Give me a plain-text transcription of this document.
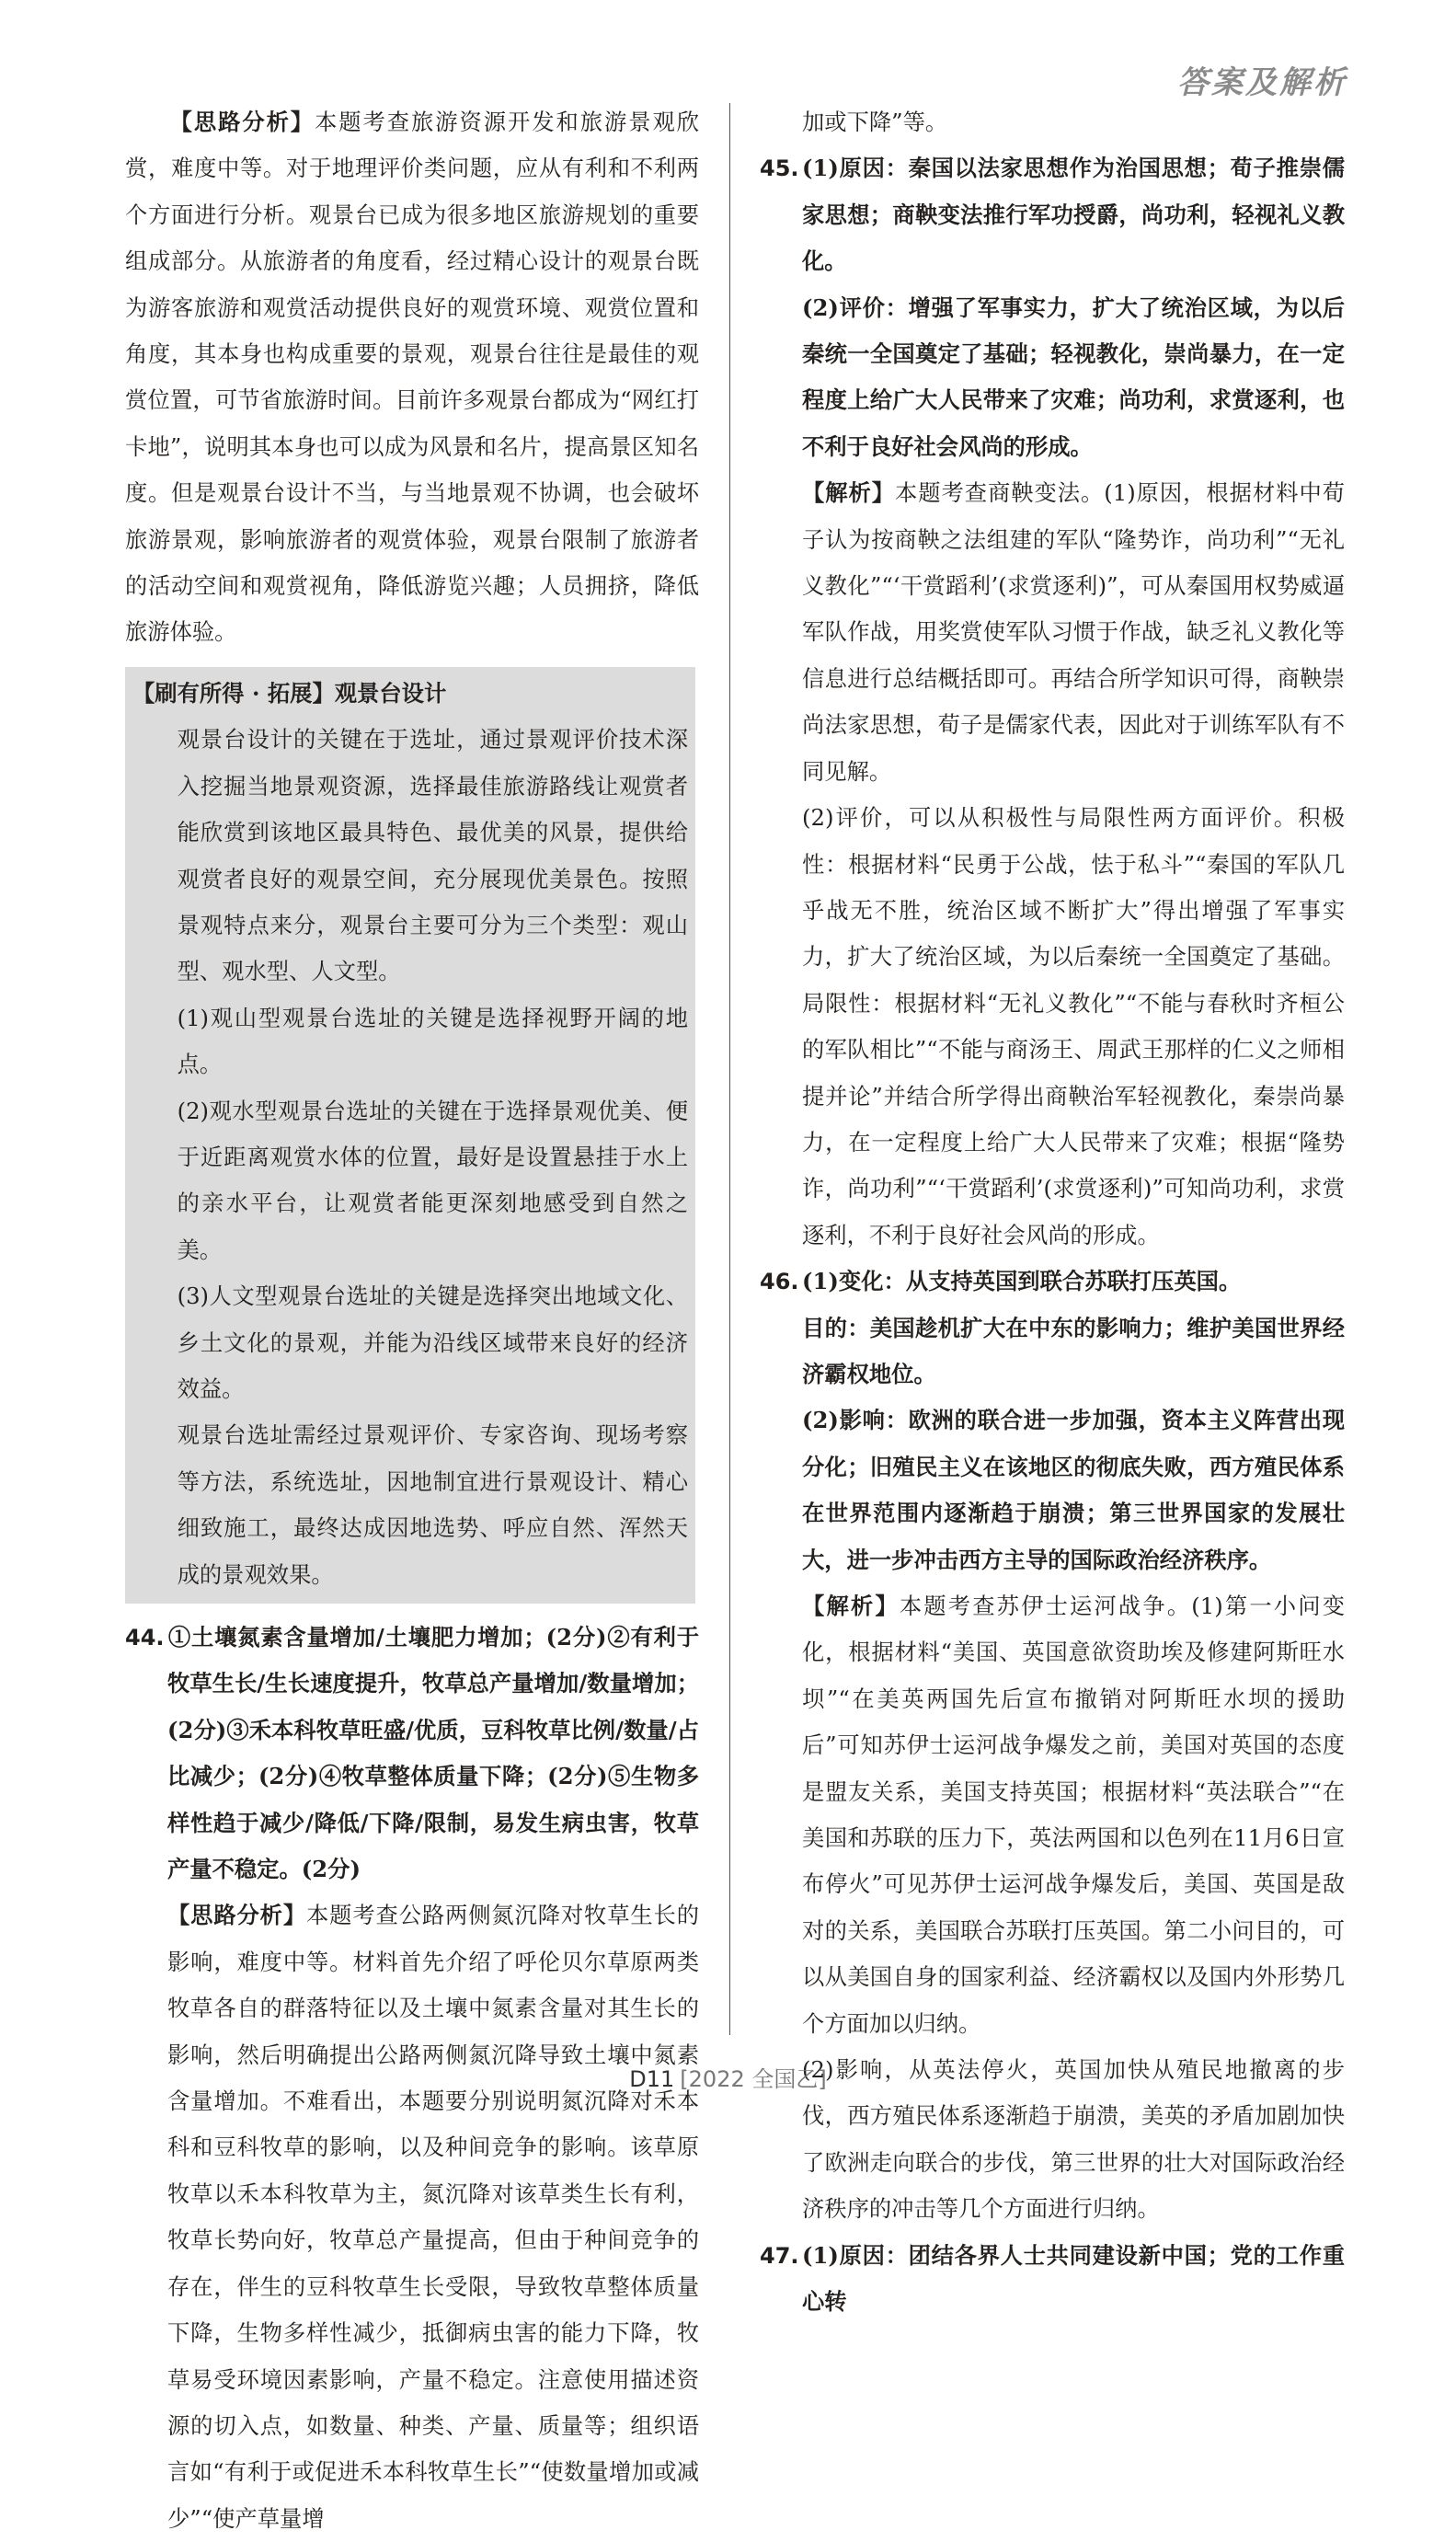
答案及解析

【思路分析】本题考查旅游资源开发和旅游景观欣赏，难度中等。对于地理评价类问题，应从有利和不利两个方面进行分析。观景台已成为很多地区旅游规划的重要组成部分。从旅游者的角度看，经过精心设计的观景台既为游客旅游和观赏活动提供良好的观赏环境、观赏位置和角度，其本身也构成重要的景观，观景台往往是最佳的观赏位置，可节省旅游时间。目前许多观景台都成为“网红打卡地”，说明其本身也可以成为风景和名片，提高景区知名度。但是观景台设计不当，与当地景观不协调，也会破坏旅游景观，影响旅游者的观赏体验，观景台限制了旅游者的活动空间和观赏视角，降低游览兴趣；人员拥挤，降低旅游体验。

【刷有所得 · 拓展】观景台设计

观景台设计的关键在于选址，通过景观评价技术深入挖掘当地景观资源，选择最佳旅游路线让观赏者能欣赏到该地区最具特色、最优美的风景，提供给观赏者良好的观景空间，充分展现优美景色。按照景观特点来分，观景台主要可分为三个类型：观山型、观水型、人文型。

(1)观山型观景台选址的关键是选择视野开阔的地点。

(2)观水型观景台选址的关键在于选择景观优美、便于近距离观赏水体的位置，最好是设置悬挂于水上的亲水平台，让观赏者能更深刻地感受到自然之美。

(3)人文型观景台选址的关键是选择突出地域文化、乡土文化的景观，并能为沿线区域带来良好的经济效益。

观景台选址需经过景观评价、专家咨询、现场考察等方法，系统选址，因地制宜进行景观设计、精心细致施工，最终达成因地选势、呼应自然、浑然天成的景观效果。

44. ①土壤氮素含量增加/土壤肥力增加；(2分)②有利于牧草生长/生长速度提升，牧草总产量增加/数量增加；(2分)③禾本科牧草旺盛/优质，豆科牧草比例/数量/占比减少；(2分)④牧草整体质量下降；(2分)⑤生物多样性趋于减少/降低/下降/限制，易发生病虫害，牧草产量不稳定。(2分)

【思路分析】本题考查公路两侧氮沉降对牧草生长的影响，难度中等。材料首先介绍了呼伦贝尔草原两类牧草各自的群落特征以及土壤中氮素含量对其生长的影响，然后明确提出公路两侧氮沉降导致土壤中氮素含量增加。不难看出，本题要分别说明氮沉降对禾本科和豆科牧草的影响，以及种间竞争的影响。该草原牧草以禾本科牧草为主，氮沉降对该草类生长有利，牧草长势向好，牧草总产量提高，但由于种间竞争的存在，伴生的豆科牧草生长受限，导致牧草整体质量下降，生物多样性减少，抵御病虫害的能力下降，牧草易受环境因素影响，产量不稳定。注意使用描述资源的切入点，如数量、种类、产量、质量等；组织语言如“有利于或促进禾本科牧草生长”“使数量增加或减少”“使产草量增

加或下降”等。

45. (1)原因：秦国以法家思想作为治国思想；荀子推崇儒家思想；商鞅变法推行军功授爵，尚功利，轻视礼义教化。

(2)评价：增强了军事实力，扩大了统治区域，为以后秦统一全国奠定了基础；轻视教化，崇尚暴力，在一定程度上给广大人民带来了灾难；尚功利，求赏逐利，也不利于良好社会风尚的形成。

【解析】本题考查商鞅变法。(1)原因，根据材料中荀子认为按商鞅之法组建的军队“隆势诈，尚功利”“无礼义教化”“‘干赏蹈利’(求赏逐利)”，可从秦国用权势威逼军队作战，用奖赏使军队习惯于作战，缺乏礼义教化等信息进行总结概括即可。再结合所学知识可得，商鞅崇尚法家思想，荀子是儒家代表，因此对于训练军队有不同见解。

(2)评价，可以从积极性与局限性两方面评价。积极性：根据材料“民勇于公战，怯于私斗”“秦国的军队几乎战无不胜，统治区域不断扩大”得出增强了军事实力，扩大了统治区域，为以后秦统一全国奠定了基础。局限性：根据材料“无礼义教化”“不能与春秋时齐桓公的军队相比”“不能与商汤王、周武王那样的仁义之师相提并论”并结合所学得出商鞅治军轻视教化，秦崇尚暴力，在一定程度上给广大人民带来了灾难；根据“隆势诈，尚功利”“‘干赏蹈利’(求赏逐利)”可知尚功利，求赏逐利，不利于良好社会风尚的形成。

46. (1)变化：从支持英国到联合苏联打压英国。

目的：美国趁机扩大在中东的影响力；维护美国世界经济霸权地位。

(2)影响：欧洲的联合进一步加强，资本主义阵营出现分化；旧殖民主义在该地区的彻底失败，西方殖民体系在世界范围内逐渐趋于崩溃；第三世界国家的发展壮大，进一步冲击西方主导的国际政治经济秩序。

【解析】本题考查苏伊士运河战争。(1)第一小问变化，根据材料“美国、英国意欲资助埃及修建阿斯旺水坝”“在美英两国先后宣布撤销对阿斯旺水坝的援助后”可知苏伊士运河战争爆发之前，美国对英国的态度是盟友关系，美国支持英国；根据材料“英法联合”“在美国和苏联的压力下，英法两国和以色列在11月6日宣布停火”可见苏伊士运河战争爆发后，美国、英国是敌对的关系，美国联合苏联打压英国。第二小问目的，可以从美国自身的国家利益、经济霸权以及国内外形势几个方面加以归纳。

(2)影响，从英法停火，英国加快从殖民地撤离的步伐，西方殖民体系逐渐趋于崩溃，美英的矛盾加剧加快了欧洲走向联合的步伐，第三世界的壮大对国际政治经济秩序的冲击等几个方面进行归纳。

47. (1)原因：团结各界人士共同建设新中国；党的工作重心转

D11 [2022 全国乙]
